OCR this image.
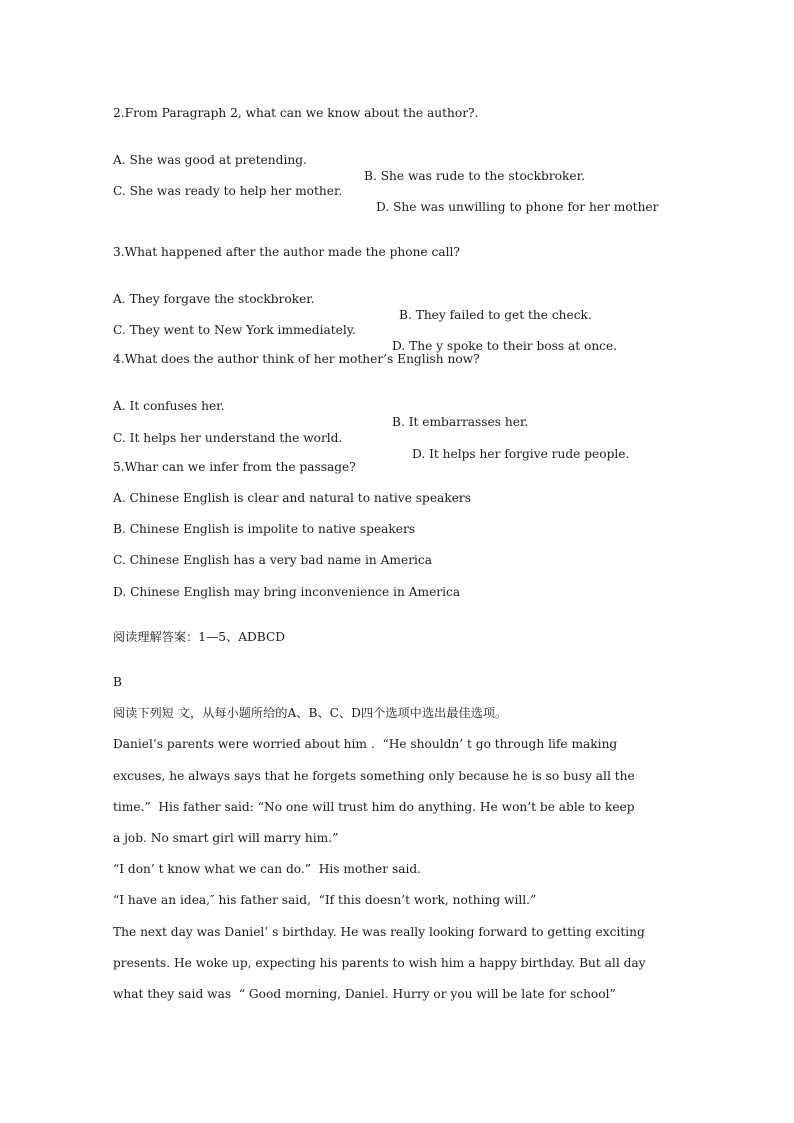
2.From Paragraph 2, what can we know about the author?.

A. She was good at pretending.

B. She was rude to the stockbroker.

C. She was ready to help her mother.

D. She was unwilling to phone for her mother

3.What happened after the author made the phone call?

A. They forgave the stockbroker.

B. They failed to get the check.

C. They went to New York immediately.

D. The y spoke to their boss at once.

4.What does the author think of her mother’s English now?

A. It confuses her.

B. It embarrasses her.

C. It helps her understand the world.

D. It helps her forgive rude people.

5.Whar can we infer from the passage?
A. Chinese English is clear and natural to native speakers
B. Chinese English is impolite to native speakers
C. Chinese English has a very bad name in America
D. Chinese English may bring inconvenience in America
阅读理解答案：1—5、ADBCD
B
阅读下列短 文，从每小题所给的A、B、C、D四个选项中选出最佳选项。
Daniel’s parents were worried about him .  “He shouldn’ t go through life making
excuses, he always says that he forgets something only because he is so busy all the
time.”  His father said: “No one will trust him do anything. He won’t be able to keep
a job. No smart girl will marry him.”
“I don’ t know what we can do.”  His mother said.
“I have an idea,″ his father said,  “If this doesn’t work, nothing will.”
The next day was Daniel’ s birthday. He was really looking forward to getting exciting
presents. He woke up, expecting his parents to wish him a happy birthday. But all day
what they said was  “ Good morning, Daniel. Hurry or you will be late for school”
